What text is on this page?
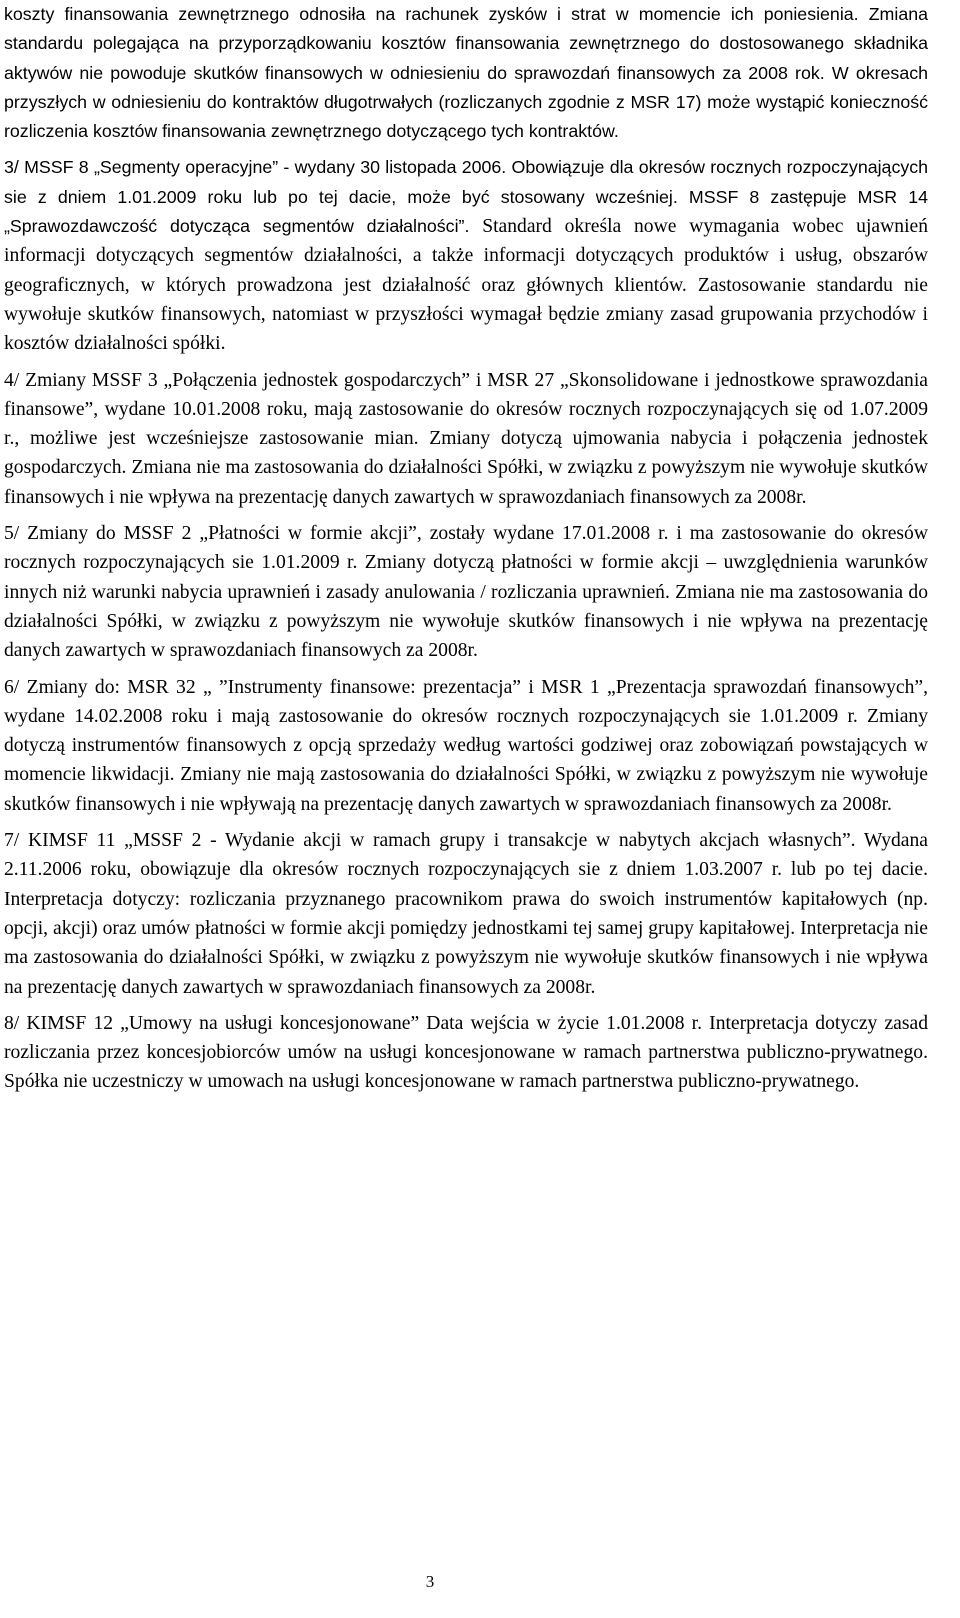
koszty finansowania zewnętrznego odnosiła na rachunek zysków i strat w momencie ich poniesienia. Zmiana standardu polegająca na przyporządkowaniu kosztów finansowania zewnętrznego do dostosowanego składnika aktywów nie powoduje skutków finansowych w odniesieniu do sprawozdań finansowych za 2008 rok. W okresach przyszłych w odniesieniu do kontraktów długotrwałych (rozliczanych zgodnie z MSR 17) może wystąpić konieczność rozliczenia kosztów finansowania zewnętrznego dotyczącego tych kontraktów.

3/ MSSF 8 „Segmenty operacyjne” - wydany 30 listopada 2006. Obowiązuje dla okresów rocznych rozpoczynających sie z dniem 1.01.2009 roku lub po tej dacie, może być stosowany wcześniej. MSSF 8 zastępuje MSR 14 „Sprawozdawczość dotycząca segmentów działalności”. Standard określa nowe wymagania wobec ujawnień informacji dotyczących segmentów działalności, a także informacji dotyczących produktów i usług, obszarów geograficznych, w których prowadzona jest działalność oraz głównych klientów. Zastosowanie standardu nie wywołuje skutków finansowych, natomiast w przyszłości wymagał będzie zmiany zasad grupowania przychodów i kosztów działalności spółki.

4/ Zmiany MSSF 3 „Połączenia jednostek gospodarczych” i MSR 27 „Skonsolidowane i jednostkowe sprawozdania finansowe”, wydane 10.01.2008 roku, mają zastosowanie do okresów rocznych rozpoczynających się od 1.07.2009 r., możliwe jest wcześniejsze zastosowanie mian. Zmiany dotyczą ujmowania nabycia i połączenia jednostek gospodarczych. Zmiana nie ma zastosowania do działalności Spółki, w związku z powyższym nie wywołuje skutków finansowych i nie wpływa na prezentację danych zawartych w sprawozdaniach finansowych za 2008r.

5/ Zmiany do MSSF 2 „Płatności w formie akcji”, zostały wydane 17.01.2008 r. i ma zastosowanie do okresów rocznych rozpoczynających sie 1.01.2009 r. Zmiany dotyczą płatności w formie akcji – uwzględnienia warunków innych niż warunki nabycia uprawnień i zasady anulowania / rozliczania uprawnień. Zmiana nie ma zastosowania do działalności Spółki, w związku z powyższym nie wywołuje skutków finansowych i nie wpływa na prezentację danych zawartych w sprawozdaniach finansowych za 2008r.

6/ Zmiany do: MSR 32 „ ”Instrumenty finansowe: prezentacja” i MSR 1 „Prezentacja sprawozdań finansowych”, wydane 14.02.2008 roku i mają zastosowanie do okresów rocznych rozpoczynających sie 1.01.2009 r. Zmiany dotyczą instrumentów finansowych z opcją sprzedaży według wartości godziwej oraz zobowiązań powstających w momencie likwidacji. Zmiany nie mają zastosowania do działalności Spółki, w związku z powyższym nie wywołuje skutków finansowych i nie wpływają na prezentację danych zawartych w sprawozdaniach finansowych za 2008r.

7/ KIMSF 11 „MSSF 2 - Wydanie akcji w ramach grupy i transakcje w nabytych akcjach własnych”. Wydana 2.11.2006 roku, obowiązuje dla okresów rocznych rozpoczynających sie z dniem 1.03.2007 r. lub po tej dacie. Interpretacja dotyczy: rozliczania przyznanego pracownikom prawa do swoich instrumentów kapitałowych (np. opcji, akcji) oraz umów płatności w formie akcji pomiędzy jednostkami tej samej grupy kapitałowej. Interpretacja nie ma zastosowania do działalności Spółki, w związku z powyższym nie wywołuje skutków finansowych i nie wpływa na prezentację danych zawartych w sprawozdaniach finansowych za 2008r.

8/ KIMSF 12 „Umowy na usługi koncesjonowane” Data wejścia w życie 1.01.2008 r. Interpretacja dotyczy zasad rozliczania przez koncesjobiorców umów na usługi koncesjonowane w ramach partnerstwa publiczno-prywatnego. Spółka nie uczestniczy w umowach na usługi koncesjonowane w ramach partnerstwa publiczno-prywatnego.

3
